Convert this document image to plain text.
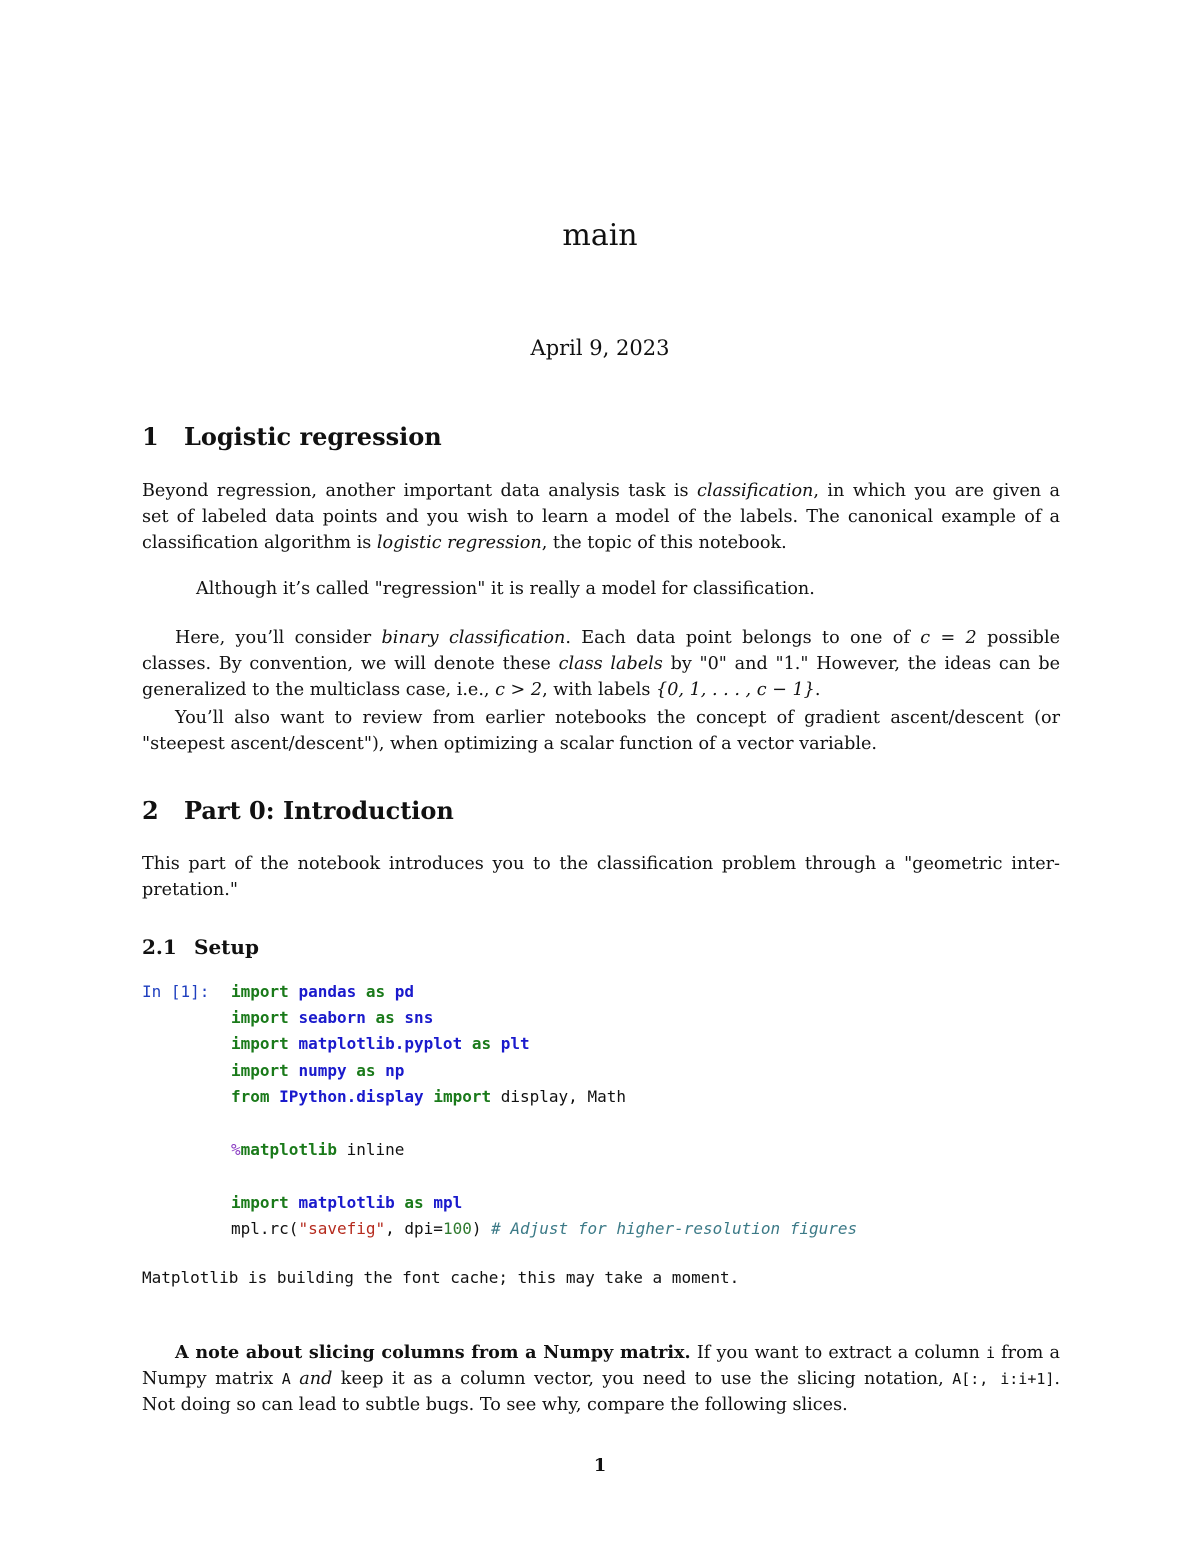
main
April 9, 2023
1 Logistic regression
Beyond regression, another important data analysis task is classification, in which you are given a
set of labeled data points and you wish to learn a model of the labels. The canonical example of a
classification algorithm is logistic regression, the topic of this notebook.
Although it’s called "regression" it is really a model for classification.
Here, you’ll consider binary classification. Each data point belongs to one of c = 2 possible
classes. By convention, we will denote these class labels by "0" and "1." However, the ideas can be
generalized to the multiclass case, i.e., c > 2, with labels {0, 1, . . . , c − 1}.
You’ll also want to review from earlier notebooks the concept of gradient ascent/descent (or
"steepest ascent/descent"), when optimizing a scalar function of a vector variable.
2 Part 0: Introduction
This part of the notebook introduces you to the classification problem through a "geometric inter-
pretation."
2.1 Setup
In [1]: import pandas as pd
import seaborn as sns
import matplotlib.pyplot as plt
import numpy as np
from IPython.display import display, Math
%matplotlib inline
import matplotlib as mpl
mpl.rc("savefig", dpi=100) # Adjust for higher-resolution figures
Matplotlib is building the font cache; this may take a moment.
A note about slicing columns from a Numpy matrix. If you want to extract a column i from a
Numpy matrix A and keep it as a column vector, you need to use the slicing notation, A[:, i:i+1].
Not doing so can lead to subtle bugs. To see why, compare the following slices.
1
